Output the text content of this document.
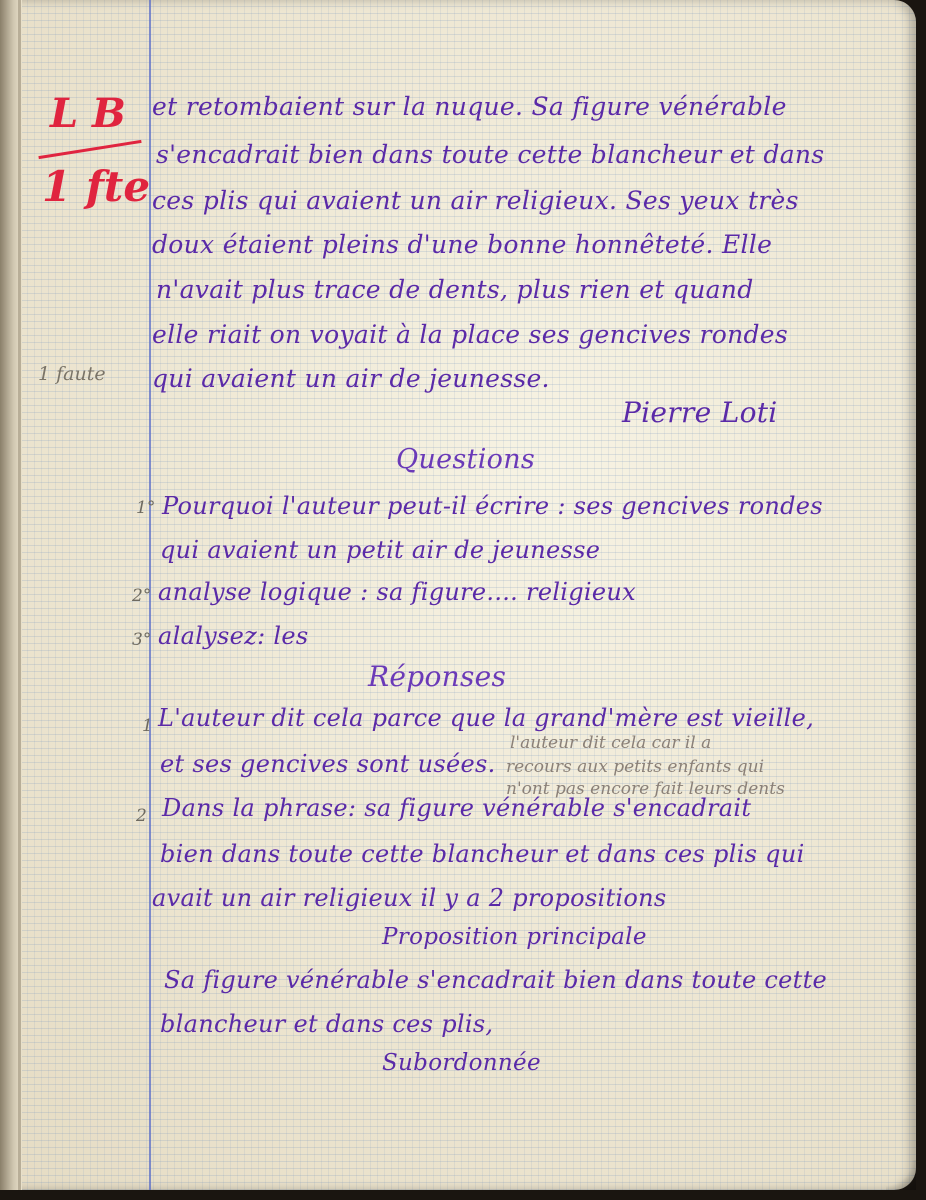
L B
1 fte
1 faute

et retombaient sur la nuque. Sa figure vénérable

s'encadrait bien dans toute cette blancheur et dans

ces plis qui avaient un air religieux. Ses yeux très

doux étaient pleins d'une bonne honnêteté. Elle

n'avait plus trace de dents, plus rien et quand

elle riait on voyait à la place ses gencives rondes

qui avaient un air de jeunesse.

Pierre Loti

Questions

1° Pourquoi l'auteur peut-il écrire : ses gencives rondes

qui avaient un petit air de jeunesse

2° analyse logique : sa figure.... religieux

3° alalysez: les

Réponses

1 L'auteur dit cela parce que la grand'mère est vieille,

et ses gencives sont usées.

l'auteur dit cela car il a
recours aux petits enfants qui
n'ont pas encore fait leurs dents
2 Dans la phrase: sa figure vénérable s'encadrait

bien dans toute cette blancheur et dans ces plis qui

avait un air religieux il y a 2 propositions

Proposition principale

Sa figure vénérable s'encadrait bien dans toute cette

blancheur et dans ces plis,

Subordonnée
